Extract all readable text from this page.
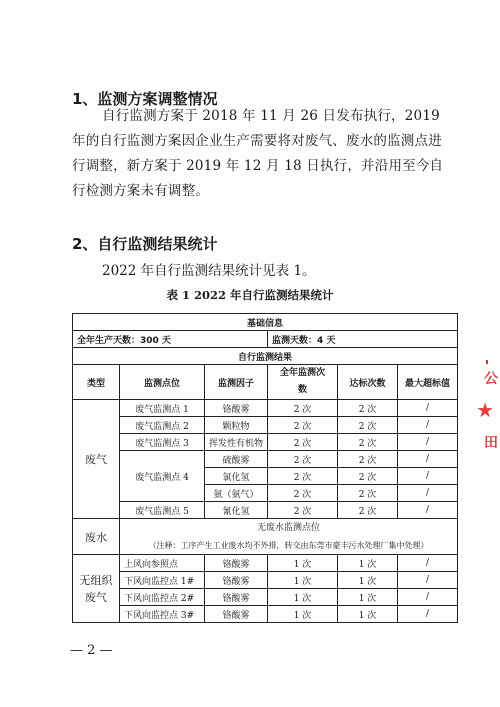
1、监测方案调整情况
自行监测方案于 2018 年 11 月 26 日发布执行，2019 年的自行监测方案因企业生产需要将对废气、废水的监测点进行调整，新方案于 2019 年 12 月 18 日执行，并沿用至今自行检测方案未有调整。
2、自行监测结果统计
2022 年自行监测结果统计见表 1。
表 1 2022 年自行监测结果统计
基础信息					
全年生产天数：300 天			监测天数：4 天		
自行监测结果					
类型	监测点位	监测因子	全年监测次
数	达标次数	最大超标值
废气	废气监测点 1	铬酸雾	2 次	2 次	/
	废气监测点 2	颗粒物	2 次	2 次	/
	废气监测点 3	挥发性有机物	2 次	2 次	/
	废气监测点 4	硫酸雾	2 次	2 次	/
		氯化氢	2 次	2 次	/
		氨（氨气）	2 次	2 次	/
	废气监测点 5	氰化氢	2 次	2 次	/
废水	无废水监测点位
（注释：工序产生工业废水均不外排，转交由东莞市豪丰污水处理厂集中处理）				

无组织
废气	上风向参照点	铬酸雾	1 次	1 次	/
	下风向监控点 1#	铬酸雾	1 次	1 次	/
	下风向监控点 2#	铬酸雾	1 次	1 次	/
	下风向监控点 3#	铬酸雾	1 次	1 次	/
— 2 —
公
★
田
